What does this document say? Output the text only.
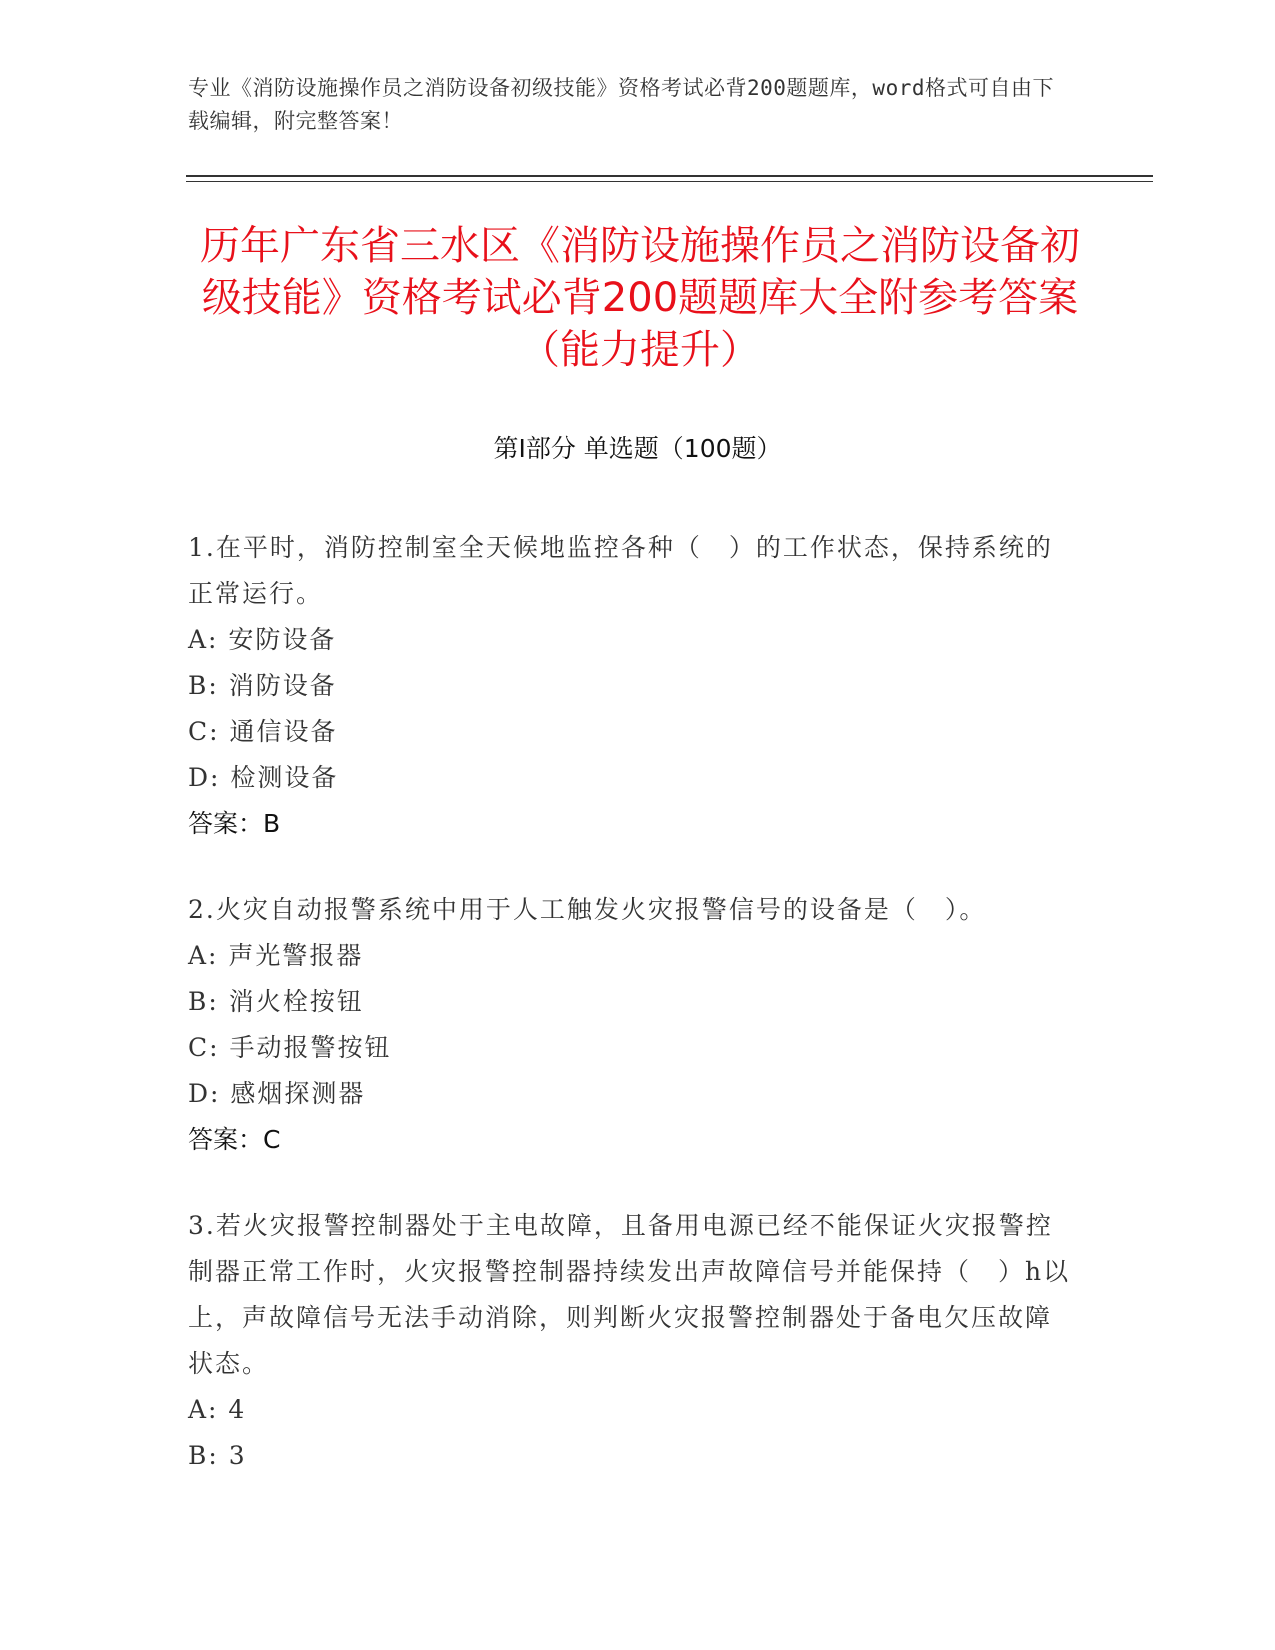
专业《消防设施操作员之消防设备初级技能》资格考试必背200题题库，word格式可自由下载编辑，附完整答案！
历年广东省三水区《消防设施操作员之消防设备初级技能》资格考试必背200题题库大全附参考答案（能力提升）
第Ⅰ部分 单选题（100题）
1.在平时，消防控制室全天候地监控各种（　）的工作状态，保持系统的正常运行。
A: 安防设备
B: 消防设备
C: 通信设备
D: 检测设备
答案：B
2.火灾自动报警系统中用于人工触发火灾报警信号的设备是（　）。
A: 声光警报器
B: 消火栓按钮
C: 手动报警按钮
D: 感烟探测器
答案：C
3.若火灾报警控制器处于主电故障，且备用电源已经不能保证火灾报警控制器正常工作时，火灾报警控制器持续发出声故障信号并能保持（　）h以上，声故障信号无法手动消除，则判断火灾报警控制器处于备电欠压故障状态。
A: 4
B: 3
